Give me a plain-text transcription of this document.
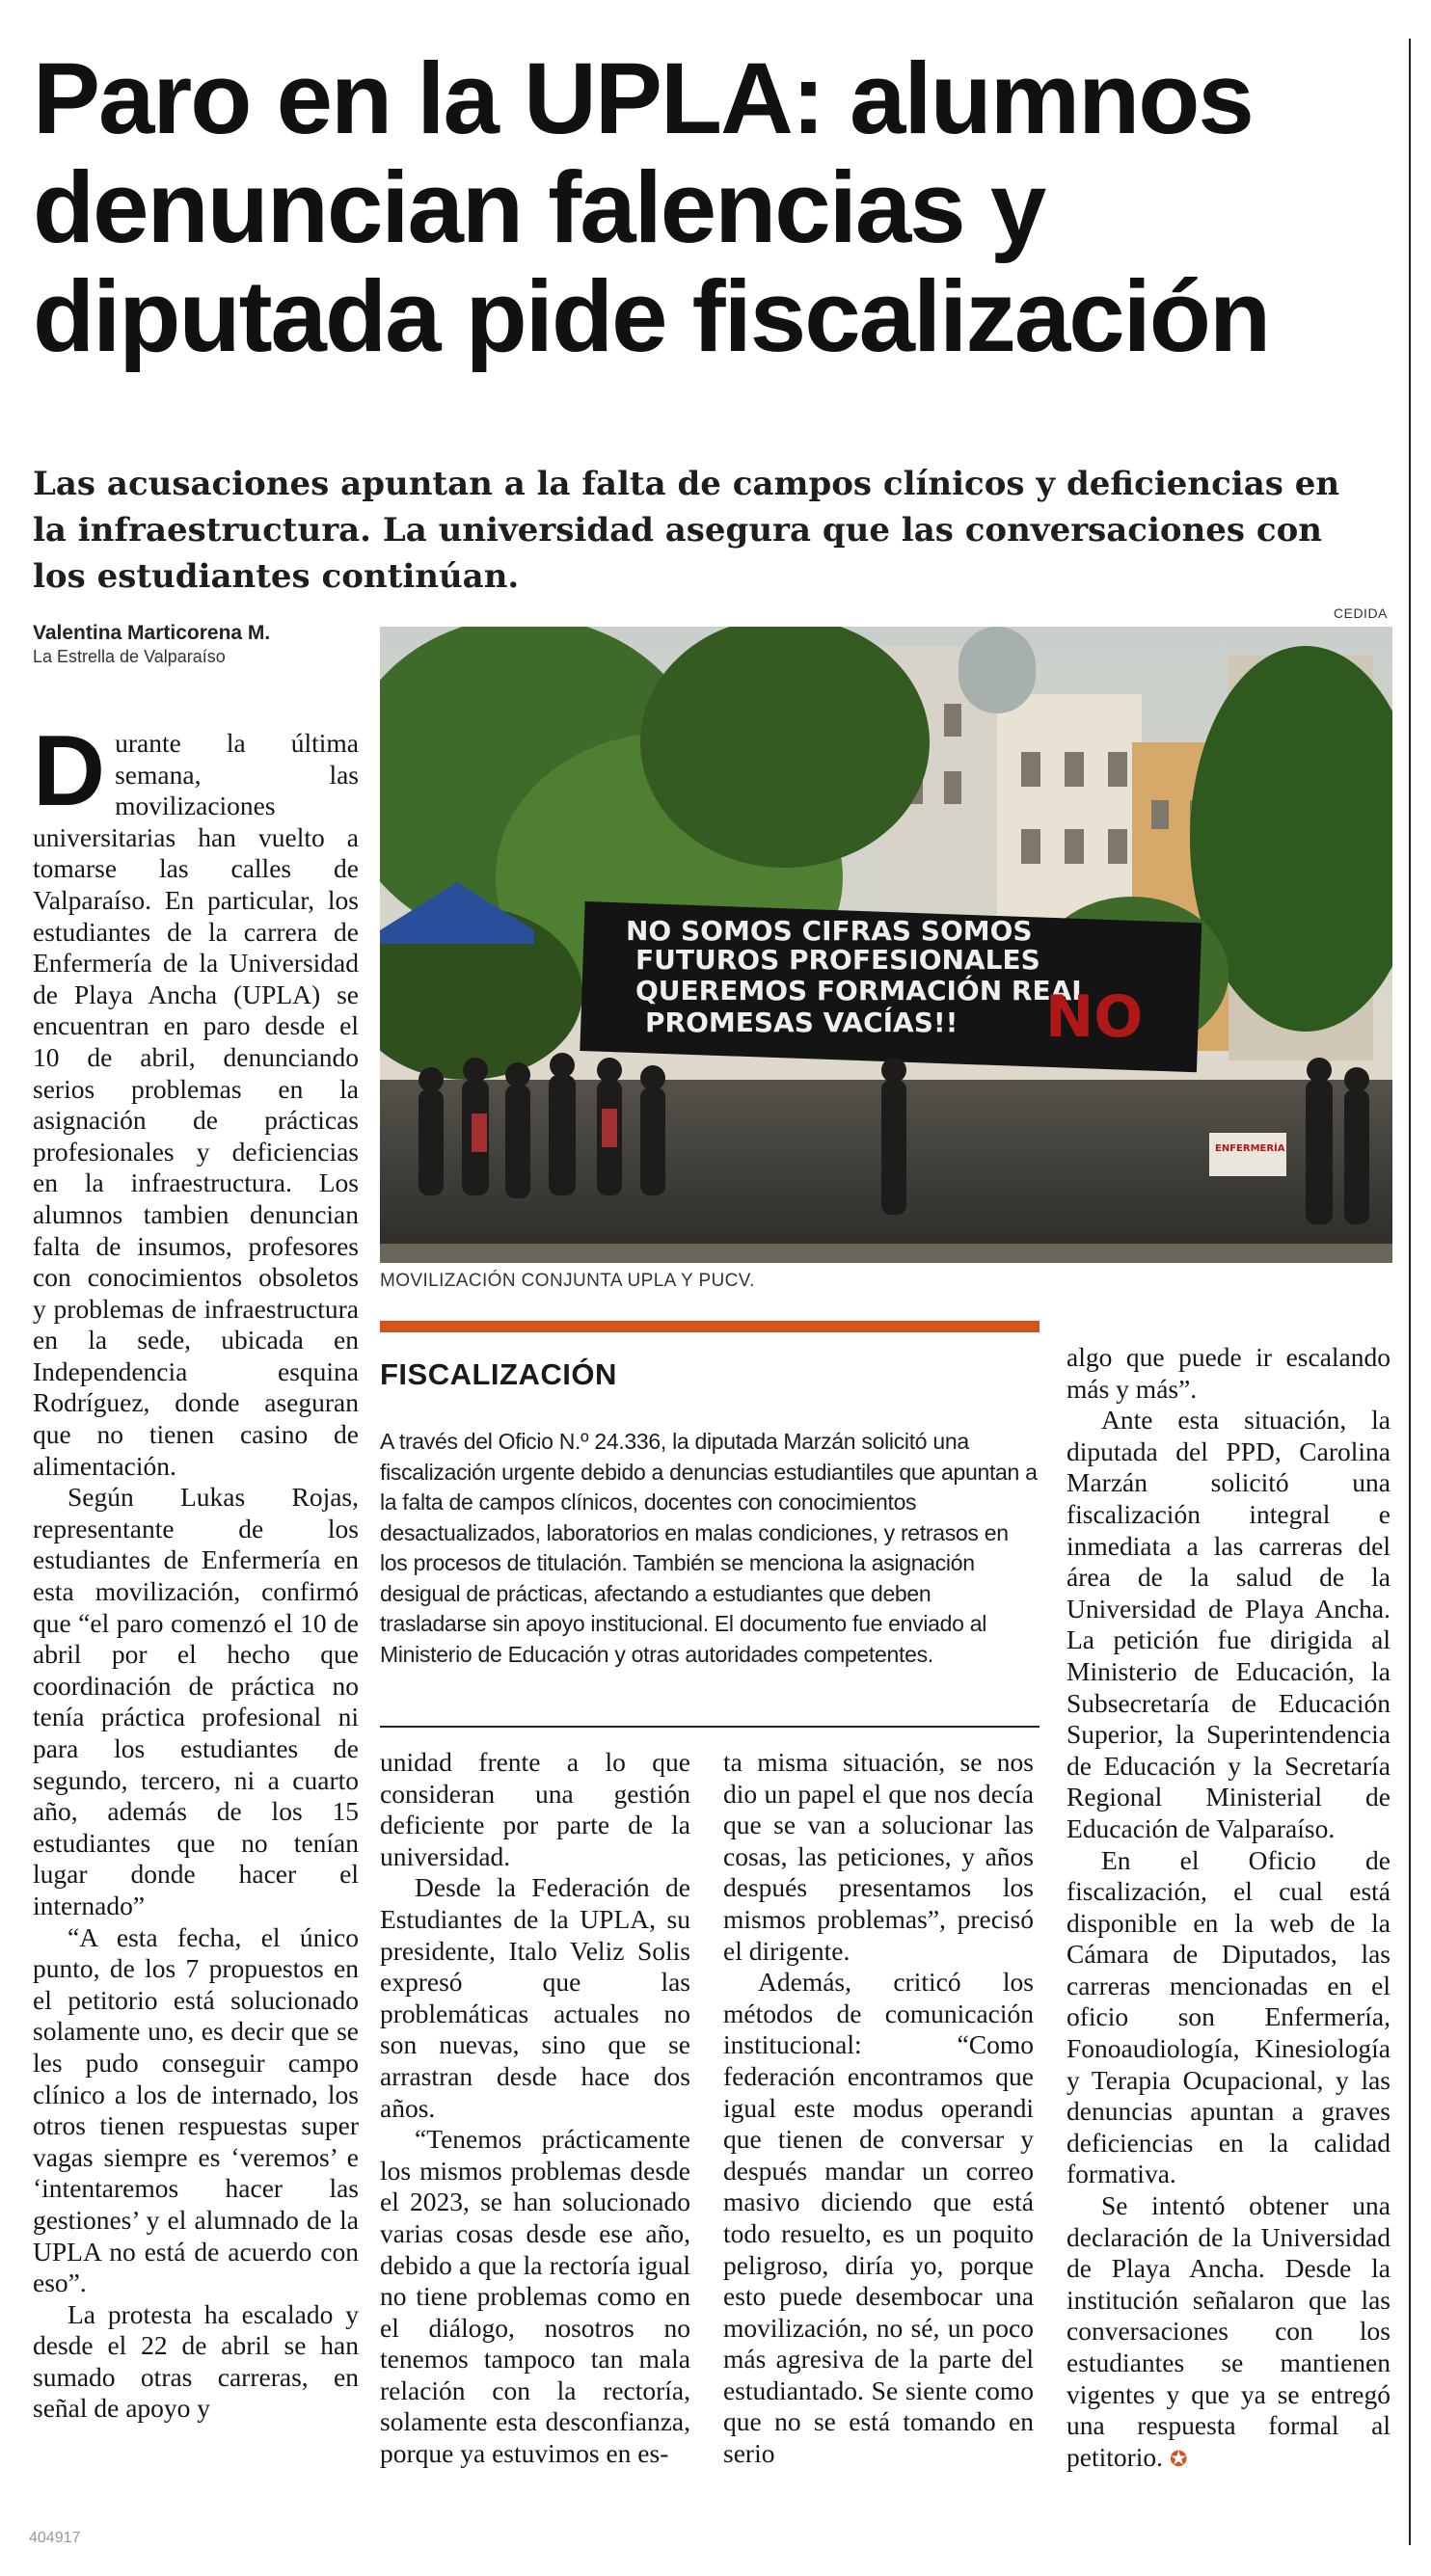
Paro en la UPLA: alumnos denuncian falencias y diputada pide fiscalización

Las acusaciones apuntan a la falta de campos clínicos y deficiencias en la infraestructura. La universidad asegura que las conversaciones con los estudiantes continúan.

Valentina Marticorena M.
La Estrella de Valparaíso
CEDIDA
NO SOMOS CIFRAS SOMOS
FUTUROS PROFESIONALES
QUEREMOS FORMACIÓN REAL
PROMESAS VACÍAS!! NO
ENFERMERÍA
MOVILIZACIÓN CONJUNTA UPLA Y PUCV.

Durante la última semana, las movilizaciones universitarias han vuelto a tomarse las calles de Valparaíso. En particular, los estudiantes de la carrera de Enfermería de la Universidad de Playa Ancha (UPLA) se encuentran en paro desde el 10 de abril, denunciando serios problemas en la asignación de prácticas profesionales y deficiencias en la infraestructura. Los alumnos tambien denuncian falta de insumos, profesores con conocimientos obsoletos y problemas de infraestructura en la sede, ubicada en Independencia esquina Rodríguez, donde aseguran que no tienen casino de alimentación.

Según Lukas Rojas, representante de los estudiantes de Enfermería en esta movilización, confirmó que “el paro comenzó el 10 de abril por el hecho que coordinación de práctica no tenía práctica profesional ni para los estudiantes de segundo, tercero, ni a cuarto año, además de los 15 estudiantes que no tenían lugar donde hacer el internado”

“A esta fecha, el único punto, de los 7 propuestos en el petitorio está solucionado solamente uno, es decir que se les pudo conseguir campo clínico a los de internado, los otros tienen respuestas super vagas siempre es ‘veremos’ e ‘intentaremos hacer las gestiones’ y el alumnado de la UPLA no está de acuerdo con eso”.

La protesta ha escalado y desde el 22 de abril se han sumado otras carreras, en señal de apoyo y

FISCALIZACIÓN

A través del Oficio N.º 24.336, la diputada Marzán solicitó una fiscalización urgente debido a denuncias estudiantiles que apuntan a la falta de campos clínicos, docentes con conocimientos desactualizados, laboratorios en malas condiciones, y retrasos en los procesos de titulación. También se menciona la asignación desigual de prácticas, afectando a estudiantes que deben trasladarse sin apoyo institucional. El documento fue enviado al Ministerio de Educación y otras autoridades competentes.

unidad frente a lo que consideran una gestión deficiente por parte de la universidad.

Desde la Federación de Estudiantes de la UPLA, su presidente, Italo Veliz Solis expresó que las problemáticas actuales no son nuevas, sino que se arrastran desde hace dos años.

“Tenemos prácticamente los mismos problemas desde el 2023, se han solucionado varias cosas desde ese año, debido a que la rectoría igual no tiene problemas como en el diálogo, nosotros no tenemos tampoco tan mala relación con la rectoría, solamente esta desconfianza, porque ya estuvimos en es-

ta misma situación, se nos dio un papel el que nos decía que se van a solucionar las cosas, las peticiones, y años después presentamos los mismos problemas”, precisó el dirigente.

Además, criticó los métodos de comunicación institucional: “Como federación encontramos que igual este modus operandi que tienen de conversar y después mandar un correo masivo diciendo que está todo resuelto, es un poquito peligroso, diría yo, porque esto puede desembocar una movilización, no sé, un poco más agresiva de la parte del estudiantado. Se siente como que no se está tomando en serio

algo que puede ir escalando más y más”.

Ante esta situación, la diputada del PPD, Carolina Marzán solicitó una fiscalización integral e inmediata a las carreras del área de la salud de la Universidad de Playa Ancha. La petición fue dirigida al Ministerio de Educación, la Subsecretaría de Educación Superior, la Superintendencia de Educación y la Secretaría Regional Ministerial de Educación de Valparaíso.

En el Oficio de fiscalización, el cual está disponible en la web de la Cámara de Diputados, las carreras mencionadas en el oficio son Enfermería, Fonoaudiología, Kinesiología y Terapia Ocupacional, y las denuncias apuntan a graves deficiencias en la calidad formativa.

Se intentó obtener una declaración de la Universidad de Playa Ancha. Desde la institución señalaron que las conversaciones con los estudiantes se mantienen vigentes y que ya se entregó una respuesta formal al petitorio. ✪

404917
